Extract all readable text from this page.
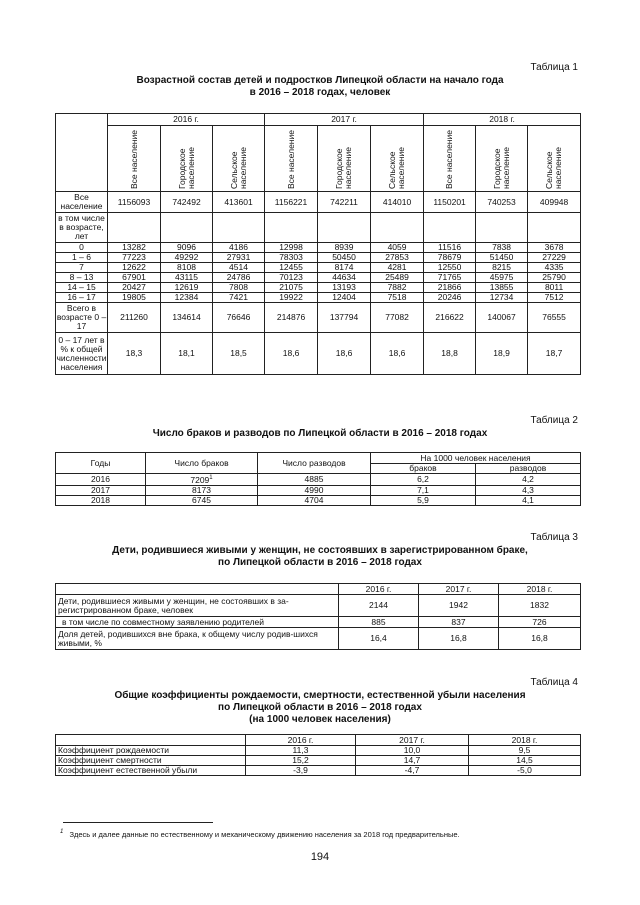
Таблица 1
Возрастной состав детей и подростков Липецкой области на начало года
в 2016 – 2018 годах, человек
	2016 г.			2017 г.			2018 г.		

	Все население	Городское население	Сельское население	Все население	Городское население	Сельское население	Все население	Городское население	Сельское население

Все население	1156093	742492	413601	1156221	742211	414010	1150201	740253	409948
в том числе в возрасте, лет									
0	13282	9096	4186	12998	8939	4059	11516	7838	3678
1 – 6	77223	49292	27931	78303	50450	27853	78679	51450	27229
7	12622	8108	4514	12455	8174	4281	12550	8215	4335
8 – 13	67901	43115	24786	70123	44634	25489	71765	45975	25790
14 – 15	20427	12619	7808	21075	13193	7882	21866	13855	8011
16 – 17	19805	12384	7421	19922	12404	7518	20246	12734	7512
Всего в возрасте 0 – 17	211260	134614	76646	214876	137794	77082	216622	140067	76555
0 – 17 лет в % к общей численности населения	18,3	18,1	18,5	18,6	18,6	18,6	18,8	18,9	18,7
Таблица 2
Число браков и разводов по Липецкой области в 2016 – 2018 годах
Годы	Число браков	Число разводов	На 1000 человек населения	
			браков	разводов
2016	7209$^1$	4885	6,2	4,2
2017	8173	4990	7,1	4,3
2018	6745	4704	5,9	4,1
Таблица 3
Дети, родившиеся живыми у женщин, не состоявших в зарегистрированном браке,
по Липецкой области в 2016 – 2018 годах
	2016 г.	2017 г.	2018 г.
Дети, родившиеся живыми у женщин, не состоявших в за-регистрированном браке, человек	2144	1942	1832
в том числе по совместному заявлению родителей	885	837	726
Доля детей, родившихся вне брака, к общему числу родив-шихся живыми, %	16,4	16,8	16,8
Таблица 4
Общие коэффициенты рождаемости, смертности, естественной убыли населения
по Липецкой области в 2016 – 2018 годах
(на 1000 человек населения)
	2016 г.	2017 г.	2018 г.
Коэффициент рождаемости	11,3	10,0	9,5
Коэффициент смертности	15,2	14,7	14,5
Коэффициент естественной убыли	-3,9	-4,7	-5,0
$^1$ Здесь и далее данные по естественному и механическому движению населения за 2018 год предварительные.
194
